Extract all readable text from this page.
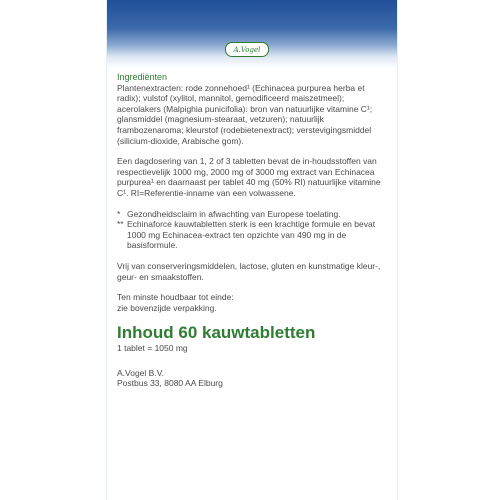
A.Vogel
Ingrediënten
Plantenextracten: rode zonnehoed¹ (Echinacea purpurea herba et radix); vulstof (xylitol, mannitol, gemodificeerd maiszetmeel); acerolakers (Malpighia punicifolia): bron van natuurlijke vitamine C¹; glansmiddel (magnesium-stearaat, vetzuren); natuurlijk frambozenaroma; kleurstof (rodebietenextract); verstevigingsmiddel (silicium-dioxide, Arabische gom).
Een dagdosering van 1, 2 of 3 tabletten bevat de in-houdsstoffen van respectievelijk 1000 mg, 2000 mg of 3000 mg extract van Echinacea purpurea¹ en daarnaast per tablet 40 mg (50% RI) natuurlijke vitamine C¹. RI=Referentie-inname van een volwassene.
* Gezondheidsclaim in afwachting van Europese toelating.
** Echinaforce kauwtabletten sterk is een krachtige formule en bevat 1000 mg Echinacea-extract ten opzichte van 490 mg in de basisformule.
Vrij van conserveringsmiddelen, lactose, gluten en kunstmatige kleur-, geur- en smaakstoffen.
Ten minste houdbaar tot einde:
zie bovenzijde verpakking.
Inhoud 60 kauwtabletten
1 tablet = 1050 mg
A.Vogel B.V.
Postbus 33, 8080 AA Elburg
